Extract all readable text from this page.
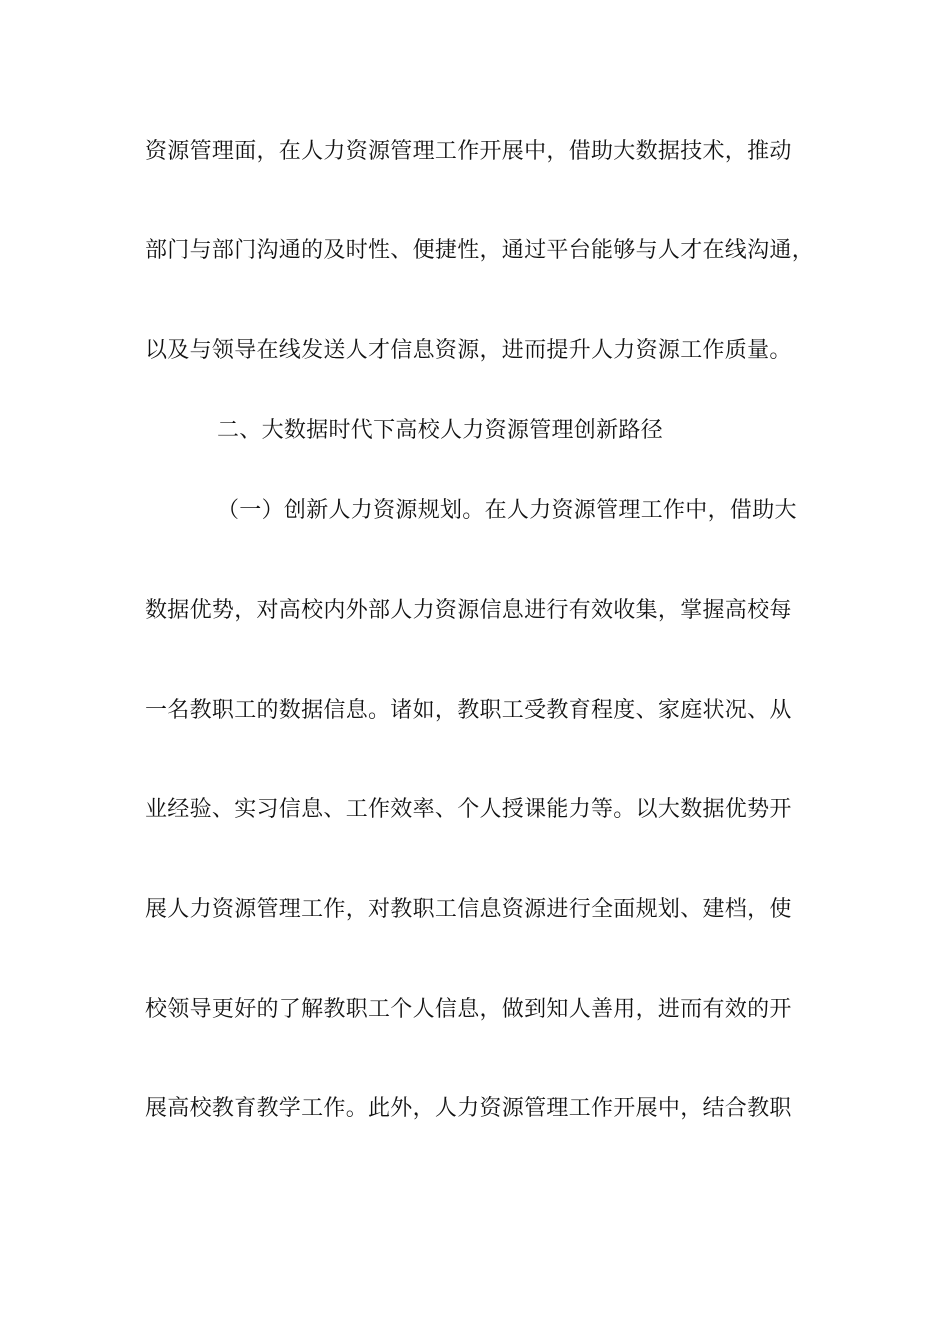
资源管理面，在人力资源管理工作开展中，借助大数据技术，推动
部门与部门沟通的及时性、便捷性，通过平台能够与人才在线沟通，
以及与领导在线发送人才信息资源，进而提升人力资源工作质量。
二、大数据时代下高校人力资源管理创新路径
（一）创新人力资源规划。在人力资源管理工作中，借助大
数据优势，对高校内外部人力资源信息进行有效收集，掌握高校每
一名教职工的数据信息。诸如，教职工受教育程度、家庭状况、从
业经验、实习信息、工作效率、个人授课能力等。以大数据优势开
展人力资源管理工作，对教职工信息资源进行全面规划、建档，使
校领导更好的了解教职工个人信息，做到知人善用，进而有效的开
展高校教育教学工作。此外，人力资源管理工作开展中，结合教职
